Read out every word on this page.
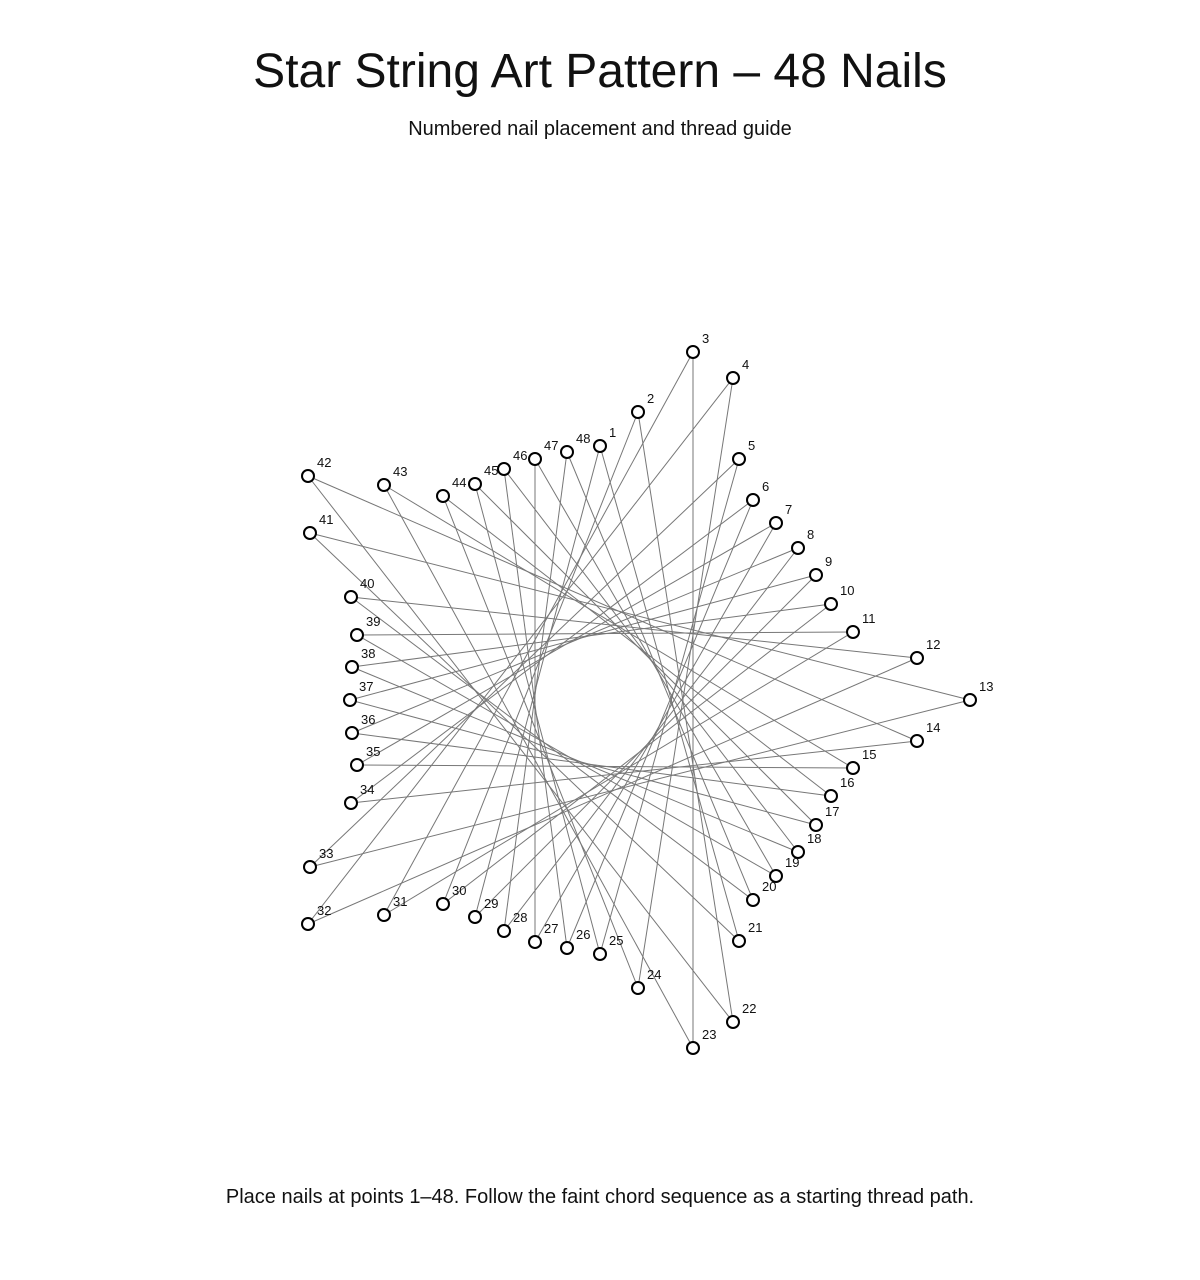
Star String Art Pattern – 48 Nails

Numbered nail placement and thread guide

1
2
3
4
5
6
7
8
9
10
11
12
13
14
15
16
17
18
19
20
21
22
23
24
25
26
27
28
29
30
31
32
33
34
35
36
37
38
39
40
41
42
43
44
45
46
47 48

Place nails at points 1–48. Follow the faint chord sequence as a starting thread path.
